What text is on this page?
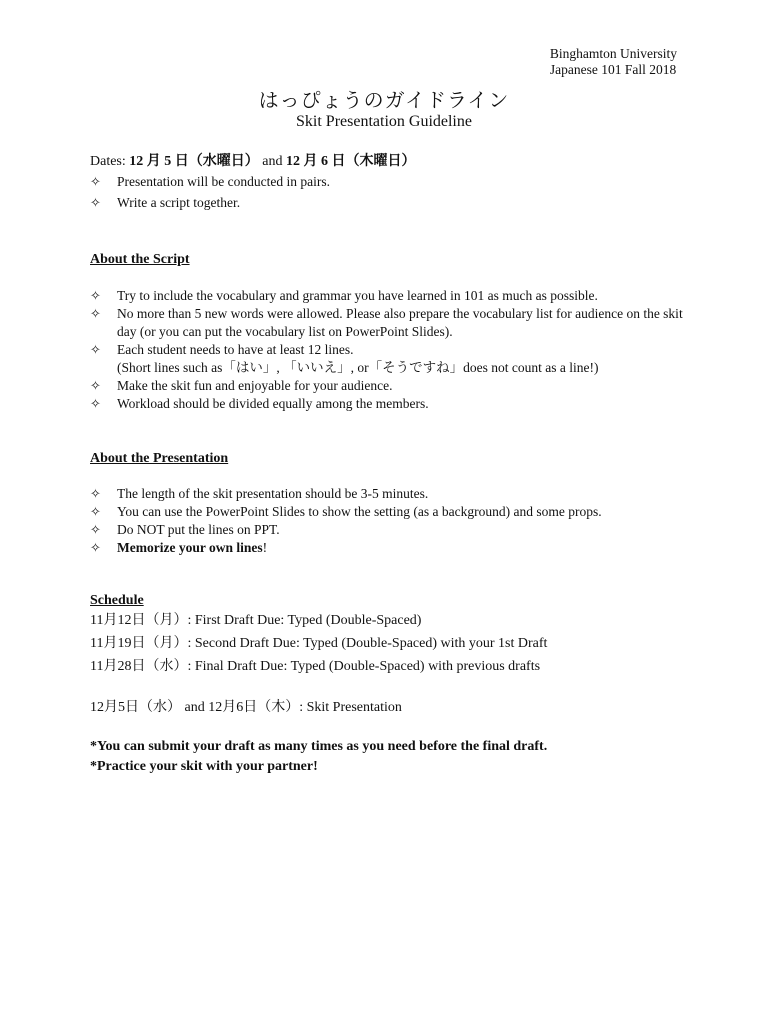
Binghamton University
Japanese 101 Fall 2018
はっぴょうのガイドライン
Skit Presentation Guideline
Dates: 12 月 5 日（水曜日） and 12 月 6 日（木曜日）
✧ Presentation will be conducted in pairs.
✧ Write a script together.
About the Script
✧ Try to include the vocabulary and grammar you have learned in 101 as much as possible.
✧ No more than 5 new words were allowed. Please also prepare the vocabulary list for audience on the skit day (or you can put the vocabulary list on PowerPoint Slides).
✧ Each student needs to have at least 12 lines.
(Short lines such as「はい」, 「いいえ」, or「そうですね」does not count as a line!)
✧ Make the skit fun and enjoyable for your audience.
✧ Workload should be divided equally among the members.
About the Presentation
✧ The length of the skit presentation should be 3-5 minutes.
✧ You can use the PowerPoint Slides to show the setting (as a background) and some props.
✧ Do NOT put the lines on PPT.
✧ Memorize your own lines!
Schedule
11月12日（月）: First Draft Due: Typed (Double-Spaced)
11月19日（月）: Second Draft Due: Typed (Double-Spaced) with your 1st Draft
11月28日（水）: Final Draft Due: Typed (Double-Spaced) with previous drafts
12月5日（水） and 12月6日（木）: Skit Presentation
*You can submit your draft as many times as you need before the final draft.
*Practice your skit with your partner!
